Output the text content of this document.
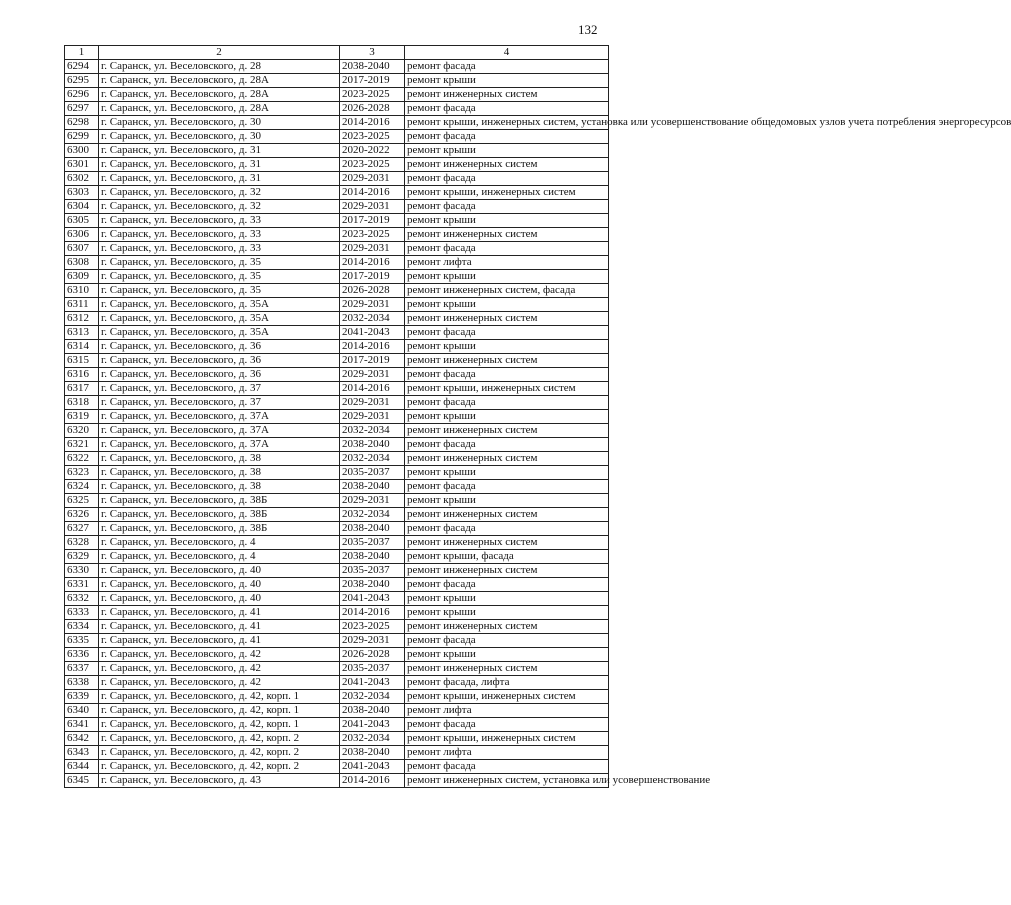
132
1	2	3	4
6294	г. Саранск, ул. Веселовского, д. 28	2038-2040	ремонт фасада
6295	г. Саранск, ул. Веселовского, д. 28А	2017-2019	ремонт крыши
6296	г. Саранск, ул. Веселовского, д. 28А	2023-2025	ремонт инженерных систем
6297	г. Саранск, ул. Веселовского, д. 28А	2026-2028	ремонт фасада
6298	г. Саранск, ул. Веселовского, д. 30	2014-2016	ремонт крыши, инженерных систем, установка или усовершенствование общедомовых узлов учета потребления энергоресурсов
6299	г. Саранск, ул. Веселовского, д. 30	2023-2025	ремонт фасада
6300	г. Саранск, ул. Веселовского, д. 31	2020-2022	ремонт крыши
6301	г. Саранск, ул. Веселовского, д. 31	2023-2025	ремонт инженерных систем
6302	г. Саранск, ул. Веселовского, д. 31	2029-2031	ремонт фасада
6303	г. Саранск, ул. Веселовского, д. 32	2014-2016	ремонт крыши, инженерных систем
6304	г. Саранск, ул. Веселовского, д. 32	2029-2031	ремонт фасада
6305	г. Саранск, ул. Веселовского, д. 33	2017-2019	ремонт крыши
6306	г. Саранск, ул. Веселовского, д. 33	2023-2025	ремонт инженерных систем
6307	г. Саранск, ул. Веселовского, д. 33	2029-2031	ремонт фасада
6308	г. Саранск, ул. Веселовского, д. 35	2014-2016	ремонт лифта
6309	г. Саранск, ул. Веселовского, д. 35	2017-2019	ремонт крыши
6310	г. Саранск, ул. Веселовского, д. 35	2026-2028	ремонт инженерных систем, фасада
6311	г. Саранск, ул. Веселовского, д. 35А	2029-2031	ремонт крыши
6312	г. Саранск, ул. Веселовского, д. 35А	2032-2034	ремонт инженерных систем
6313	г. Саранск, ул. Веселовского, д. 35А	2041-2043	ремонт фасада
6314	г. Саранск, ул. Веселовского, д. 36	2014-2016	ремонт крыши
6315	г. Саранск, ул. Веселовского, д. 36	2017-2019	ремонт инженерных систем
6316	г. Саранск, ул. Веселовского, д. 36	2029-2031	ремонт фасада
6317	г. Саранск, ул. Веселовского, д. 37	2014-2016	ремонт крыши, инженерных систем
6318	г. Саранск, ул. Веселовского, д. 37	2029-2031	ремонт фасада
6319	г. Саранск, ул. Веселовского, д. 37А	2029-2031	ремонт крыши
6320	г. Саранск, ул. Веселовского, д. 37А	2032-2034	ремонт инженерных систем
6321	г. Саранск, ул. Веселовского, д. 37А	2038-2040	ремонт фасада
6322	г. Саранск, ул. Веселовского, д. 38	2032-2034	ремонт инженерных систем
6323	г. Саранск, ул. Веселовского, д. 38	2035-2037	ремонт крыши
6324	г. Саранск, ул. Веселовского, д. 38	2038-2040	ремонт фасада
6325	г. Саранск, ул. Веселовского, д. 38Б	2029-2031	ремонт крыши
6326	г. Саранск, ул. Веселовского, д. 38Б	2032-2034	ремонт инженерных систем
6327	г. Саранск, ул. Веселовского, д. 38Б	2038-2040	ремонт фасада
6328	г. Саранск, ул. Веселовского, д. 4	2035-2037	ремонт инженерных систем
6329	г. Саранск, ул. Веселовского, д. 4	2038-2040	ремонт крыши, фасада
6330	г. Саранск, ул. Веселовского, д. 40	2035-2037	ремонт инженерных систем
6331	г. Саранск, ул. Веселовского, д. 40	2038-2040	ремонт фасада
6332	г. Саранск, ул. Веселовского, д. 40	2041-2043	ремонт крыши
6333	г. Саранск, ул. Веселовского, д. 41	2014-2016	ремонт крыши
6334	г. Саранск, ул. Веселовского, д. 41	2023-2025	ремонт инженерных систем
6335	г. Саранск, ул. Веселовского, д. 41	2029-2031	ремонт фасада
6336	г. Саранск, ул. Веселовского, д. 42	2026-2028	ремонт крыши
6337	г. Саранск, ул. Веселовского, д. 42	2035-2037	ремонт инженерных систем
6338	г. Саранск, ул. Веселовского, д. 42	2041-2043	ремонт фасада, лифта
6339	г. Саранск, ул. Веселовского, д. 42, корп. 1	2032-2034	ремонт крыши, инженерных систем
6340	г. Саранск, ул. Веселовского, д. 42, корп. 1	2038-2040	ремонт лифта
6341	г. Саранск, ул. Веселовского, д. 42, корп. 1	2041-2043	ремонт фасада
6342	г. Саранск, ул. Веселовского, д. 42, корп. 2	2032-2034	ремонт крыши, инженерных систем
6343	г. Саранск, ул. Веселовского, д. 42, корп. 2	2038-2040	ремонт лифта
6344	г. Саранск, ул. Веселовского, д. 42, корп. 2	2041-2043	ремонт фасада
6345	г. Саранск, ул. Веселовского, д. 43	2014-2016	ремонт инженерных систем, установка или усовершенствование
